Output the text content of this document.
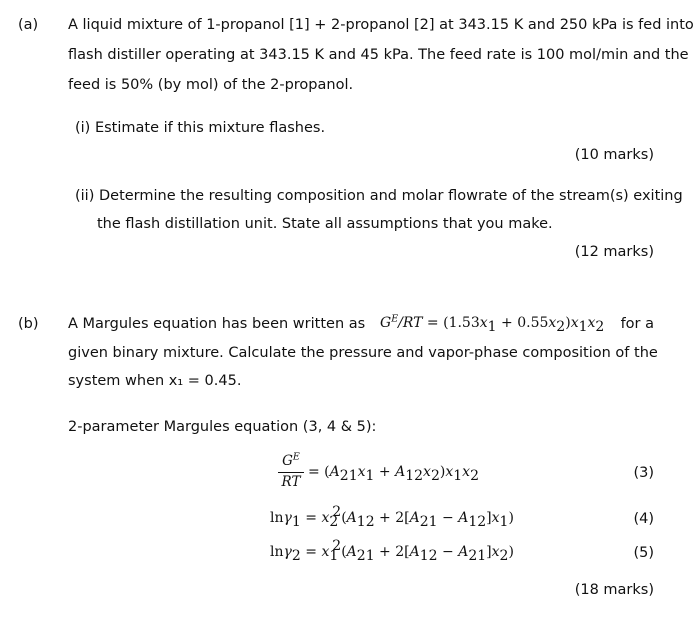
(a) A liquid mixture of 1-propanol [1] + 2-propanol [2] at 343.15 K and 250 kPa is fed into
flash distiller operating at 343.15 K and 45 kPa. The feed rate is 100 mol/min and the
feed is 50% (by mol) of the 2-propanol.
(i) Estimate if this mixture flashes.
(10 marks)
(ii) Determine the resulting composition and molar flowrate of the stream(s) exiting
the flash distillation unit. State all assumptions that you make.
(12 marks)
(b) A Margules equation has been written as $G^E/RT = (1.53x_1 + 0.55x_2)x_1x_2$ for a
given binary mixture. Calculate the pressure and vapor-phase composition of the
system when x₁ = 0.45.
2-parameter Margules equation (3, 4 & 5):
$G^E$
RT
= $(A_{21}x_1 + A_{12}x_2)x_1x_2$	(3)
$\ln\gamma_1 = x_2^2(A_{12} + 2[A_{21} - A_{12}]x_1)$	(4)
$\ln\gamma_2 = x_1^2(A_{21} + 2[A_{12} - A_{21}]x_2)$	(5)
(18 marks)
